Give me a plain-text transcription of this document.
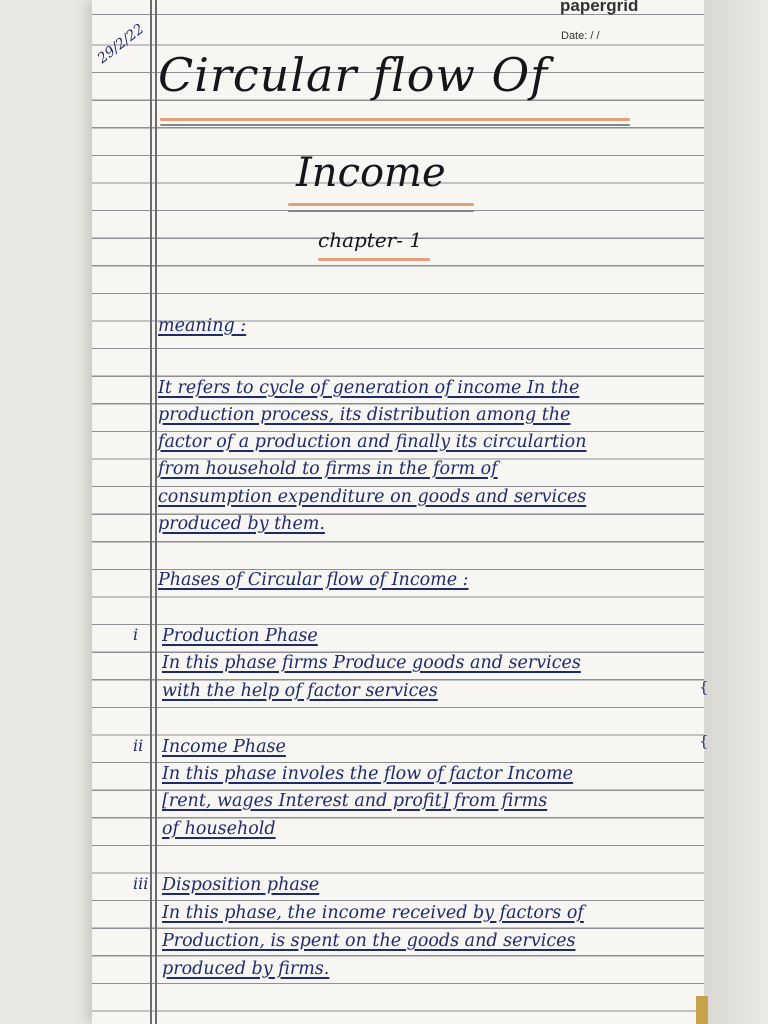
papergrid
Date: / /
29/2/22
Circular flow Of
Income
chapter- 1
meaning :
It refers to cycle of generation of income In the
production process, its distribution among the
factor of a production and finally its circulartion
from household to firms in the form of
consumption expenditure on goods and services
produced by them.
Phases of Circular flow of Income :
i Production Phase
In this phase firms Produce goods and services
with the help of factor services	{
ii Income Phase
In this phase involes the flow of factor Income
[rent, wages Interest and profit] from firms
of household
{
iii Disposition phase
In this phase, the income received by factors of
Production, is spent on the goods and services
produced by firms.
